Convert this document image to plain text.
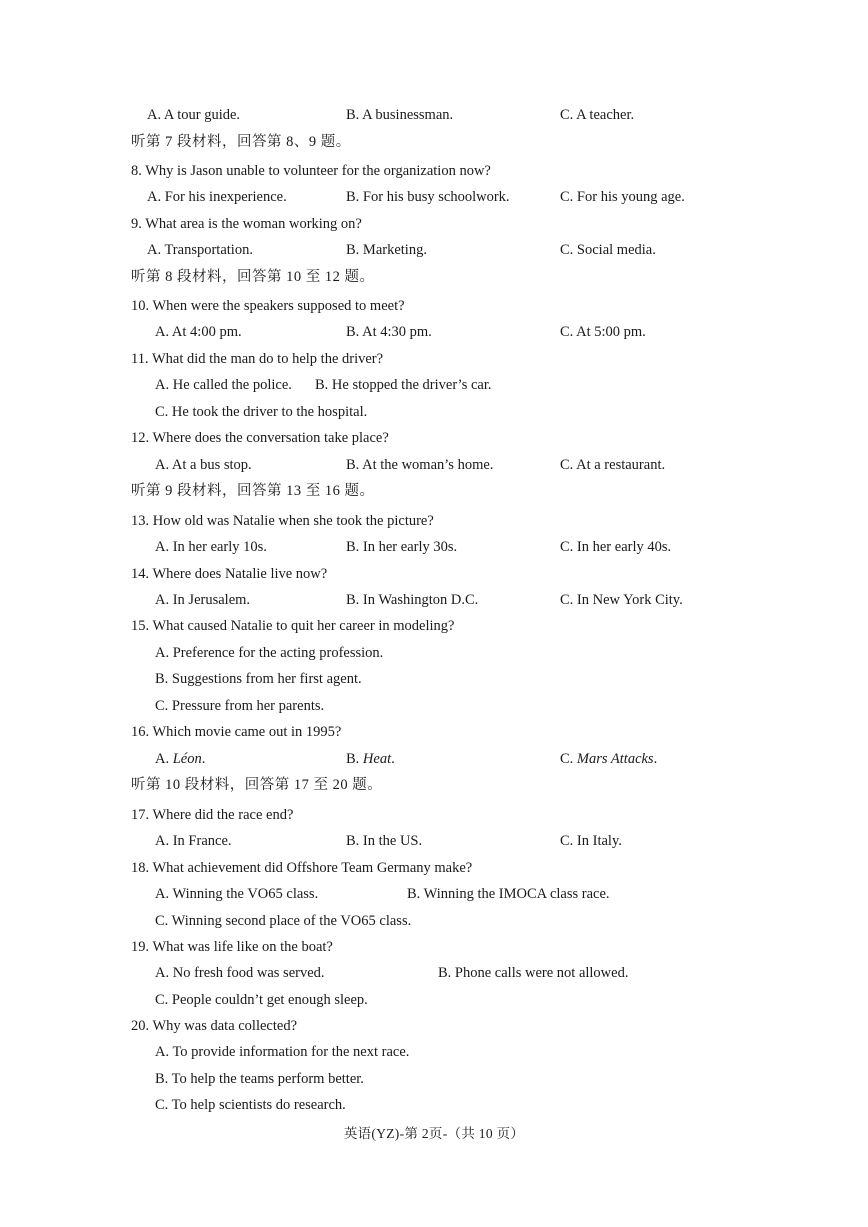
A. A tour guide.	B. A businessman.	C. A teacher.
听第 7 段材料，回答第 8、9 题。
8. Why is Jason unable to volunteer for the organization now?
A. For his inexperience.	B. For his busy schoolwork.	C. For his young age.
9. What area is the woman working on?
A. Transportation.	B. Marketing.	C. Social media.
听第 8 段材料，回答第 10 至 12 题。
10. When were the speakers supposed to meet?
A. At 4:00 pm.	B. At 4:30 pm.	C. At 5:00 pm.
11. What did the man do to help the driver?
A. He called the police. B. He stopped the driver’s car.
C. He took the driver to the hospital.
12. Where does the conversation take place?
A. At a bus stop.	B. At the woman’s home.	C. At a restaurant.
听第 9 段材料，回答第 13 至 16 题。
13. How old was Natalie when she took the picture?
A. In her early 10s.	B. In her early 30s.	C. In her early 40s.
14. Where does Natalie live now?
A. In Jerusalem.	B. In Washington D.C.	C. In New York City.
15. What caused Natalie to quit her career in modeling?
A. Preference for the acting profession.
B. Suggestions from her first agent.
C. Pressure from her parents.
16. Which movie came out in 1995?
A. Léon.	B. Heat.	C. Mars Attacks.
听第 10 段材料，回答第 17 至 20 题。
17. Where did the race end?
A. In France.	B. In the US.	C. In Italy.
18. What achievement did Offshore Team Germany make?
A. Winning the VO65 class.	B. Winning the IMOCA class race.
C. Winning second place of the VO65 class.
19. What was life like on the boat?
A. No fresh food was served.	B. Phone calls were not allowed.
C. People couldn’t get enough sleep.
20. Why was data collected?
A. To provide information for the next race.
B. To help the teams perform better.
C. To help scientists do research.
英语(YZ)-第 2页-（共 10 页）
